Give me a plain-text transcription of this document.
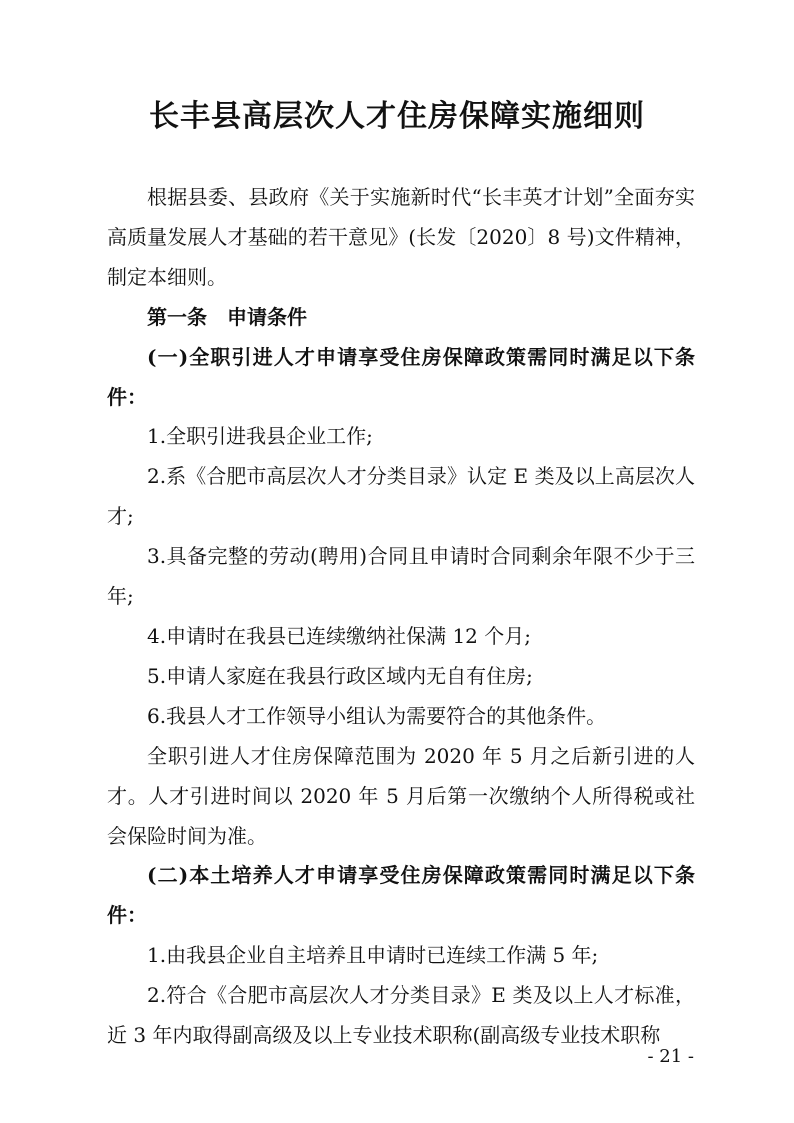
长丰县高层次人才住房保障实施细则

根据县委、县政府《关于实施新时代“长丰英才计划”全面夯实高质量发展人才基础的若干意见》(长发〔2020〕8 号)文件精神，制定本细则。

第一条 申请条件

(一)全职引进人才申请享受住房保障政策需同时满足以下条件：

1.全职引进我县企业工作;

2.系《合肥市高层次人才分类目录》认定 E 类及以上高层次人才;

3.具备完整的劳动(聘用)合同且申请时合同剩余年限不少于三年;

4.申请时在我县已连续缴纳社保满 12 个月;

5.申请人家庭在我县行政区域内无自有住房;

6.我县人才工作领导小组认为需要符合的其他条件。

全职引进人才住房保障范围为 2020 年 5 月之后新引进的人才。人才引进时间以 2020 年 5 月后第一次缴纳个人所得税或社会保险时间为准。

(二)本土培养人才申请享受住房保障政策需同时满足以下条件：

1.由我县企业自主培养且申请时已连续工作满 5 年;

2.符合《合肥市高层次人才分类目录》E 类及以上人才标准，近 3 年内取得副高级及以上专业技术职称(副高级专业技术职称

- 21 -
